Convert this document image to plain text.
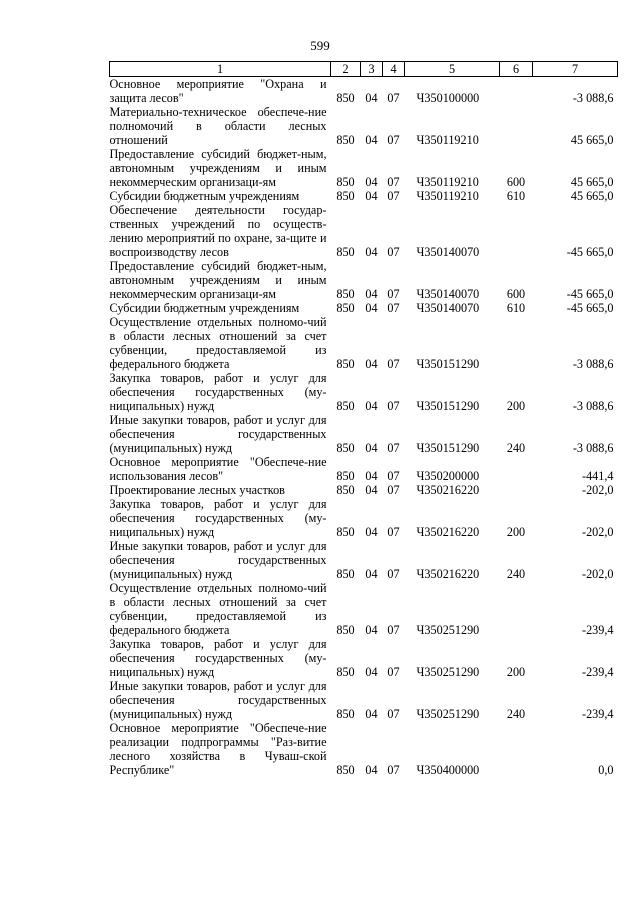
599
1	2	3	4	5	6	7
Основное мероприятие "Охрана и защита лесов"	850	04	07	Ч350100000		-3 088,6
Материально-техническое обеспече-ние полномочий в области лесных отношений	850	04	07	Ч350119210		45 665,0
Предоставление субсидий бюджет-ным, автономным учреждениям и иным некоммерческим организаци-ям	850	04	07	Ч350119210	600	45 665,0
Субсидии бюджетным учреждениям	850	04	07	Ч350119210	610	45 665,0
Обеспечение деятельности государ-ственных учреждений по осуществ-лению мероприятий по охране, за-щите и воспроизводству лесов	850	04	07	Ч350140070		-45 665,0
Предоставление субсидий бюджет-ным, автономным учреждениям и иным некоммерческим организаци-ям	850	04	07	Ч350140070	600	-45 665,0
Субсидии бюджетным учреждениям	850	04	07	Ч350140070	610	-45 665,0
Осуществление отдельных полномо-чий в области лесных отношений за счет субвенции, предоставляемой из федерального бюджета	850	04	07	Ч350151290		-3 088,6
Закупка товаров, работ и услуг для обеспечения государственных (му-ниципальных) нужд	850	04	07	Ч350151290	200	-3 088,6
Иные закупки товаров, работ и услуг для обеспечения государственных (муниципальных) нужд	850	04	07	Ч350151290	240	-3 088,6
Основное мероприятие "Обеспече-ние использования лесов"	850	04	07	Ч350200000		-441,4
Проектирование лесных участков	850	04	07	Ч350216220		-202,0
Закупка товаров, работ и услуг для обеспечения государственных (му-ниципальных) нужд	850	04	07	Ч350216220	200	-202,0
Иные закупки товаров, работ и услуг для обеспечения государственных (муниципальных) нужд	850	04	07	Ч350216220	240	-202,0
Осуществление отдельных полномо-чий в области лесных отношений за счет субвенции, предоставляемой из федерального бюджета	850	04	07	Ч350251290		-239,4
Закупка товаров, работ и услуг для обеспечения государственных (му-ниципальных) нужд	850	04	07	Ч350251290	200	-239,4
Иные закупки товаров, работ и услуг для обеспечения государственных (муниципальных) нужд	850	04	07	Ч350251290	240	-239,4
Основное мероприятие "Обеспече-ние реализации подпрограммы "Раз-витие лесного хозяйства в Чуваш-ской Республике"	850	04	07	Ч350400000		0,0
